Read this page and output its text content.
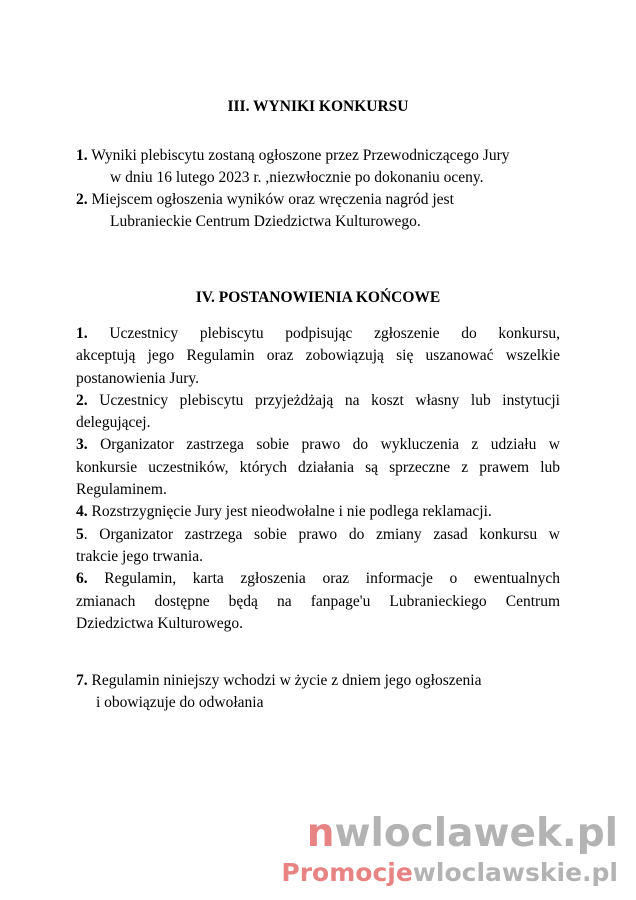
III. WYNIKI KONKURSU
1. Wyniki plebiscytu zostaną ogłoszone przez Przewodniczącego Jury
w dniu 16 lutego 2023 r. ,niezwłocznie po dokonaniu oceny.
2. Miejscem ogłoszenia wyników oraz wręczenia nagród jest
Lubranieckie Centrum Dziedzictwa Kulturowego.
IV. POSTANOWIENIA KOŃCOWE
1. Uczestnicy plebiscytu podpisując zgłoszenie do konkursu,
akceptują jego Regulamin oraz zobowiązują się uszanować wszelkie
postanowienia Jury.
2. Uczestnicy plebiscytu przyjeżdżają na koszt własny lub instytucji
delegującej.
3. Organizator zastrzega sobie prawo do wykluczenia z udziału w
konkursie uczestników, których działania są sprzeczne z prawem lub
Regulaminem.
4. Rozstrzygnięcie Jury jest nieodwołalne i nie podlega reklamacji.
5. Organizator zastrzega sobie prawo do zmiany zasad konkursu w
trakcie jego trwania.
6. Regulamin, karta zgłoszenia oraz informacje o ewentualnych
zmianach dostępne będą na fanpage'u Lubranieckiego Centrum
Dziedzictwa Kulturowego.
7. Regulamin niniejszy wchodzi w życie z dniem jego ogłoszenia
i obowiązuje do odwołania
nwloclawek.pl
Promocjewloclawskie.pl
